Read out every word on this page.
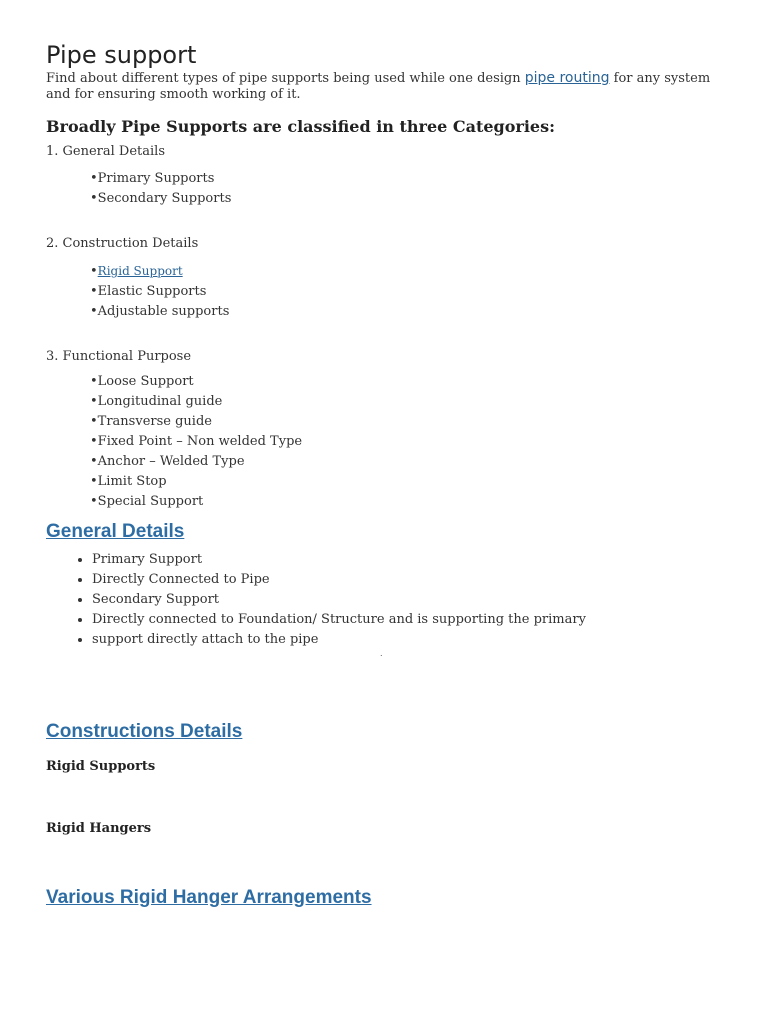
Pipe support

Find about different types of pipe supports being used while one design pipe routing for any system and for ensuring smooth working of it.

Broadly Pipe Supports are classified in three Categories:

1. General Details

• Primary Supports
• Secondary Supports

2. Construction Details

• Rigid Support
• Elastic Supports
• Adjustable supports

3. Functional Purpose

• Loose Support
• Longitudinal guide
• Transverse guide
• Fixed Point – Non welded Type
• Anchor – Welded Type
• Limit Stop
• Special Support
General Details
• Primary Support
• Directly Connected to Pipe
• Secondary Support
• Directly connected to Foundation/ Structure and is supporting the primary
• support directly attach to the pipe
.
Constructions Details

Rigid Supports

Rigid Hangers

Various Rigid Hanger Arrangements
